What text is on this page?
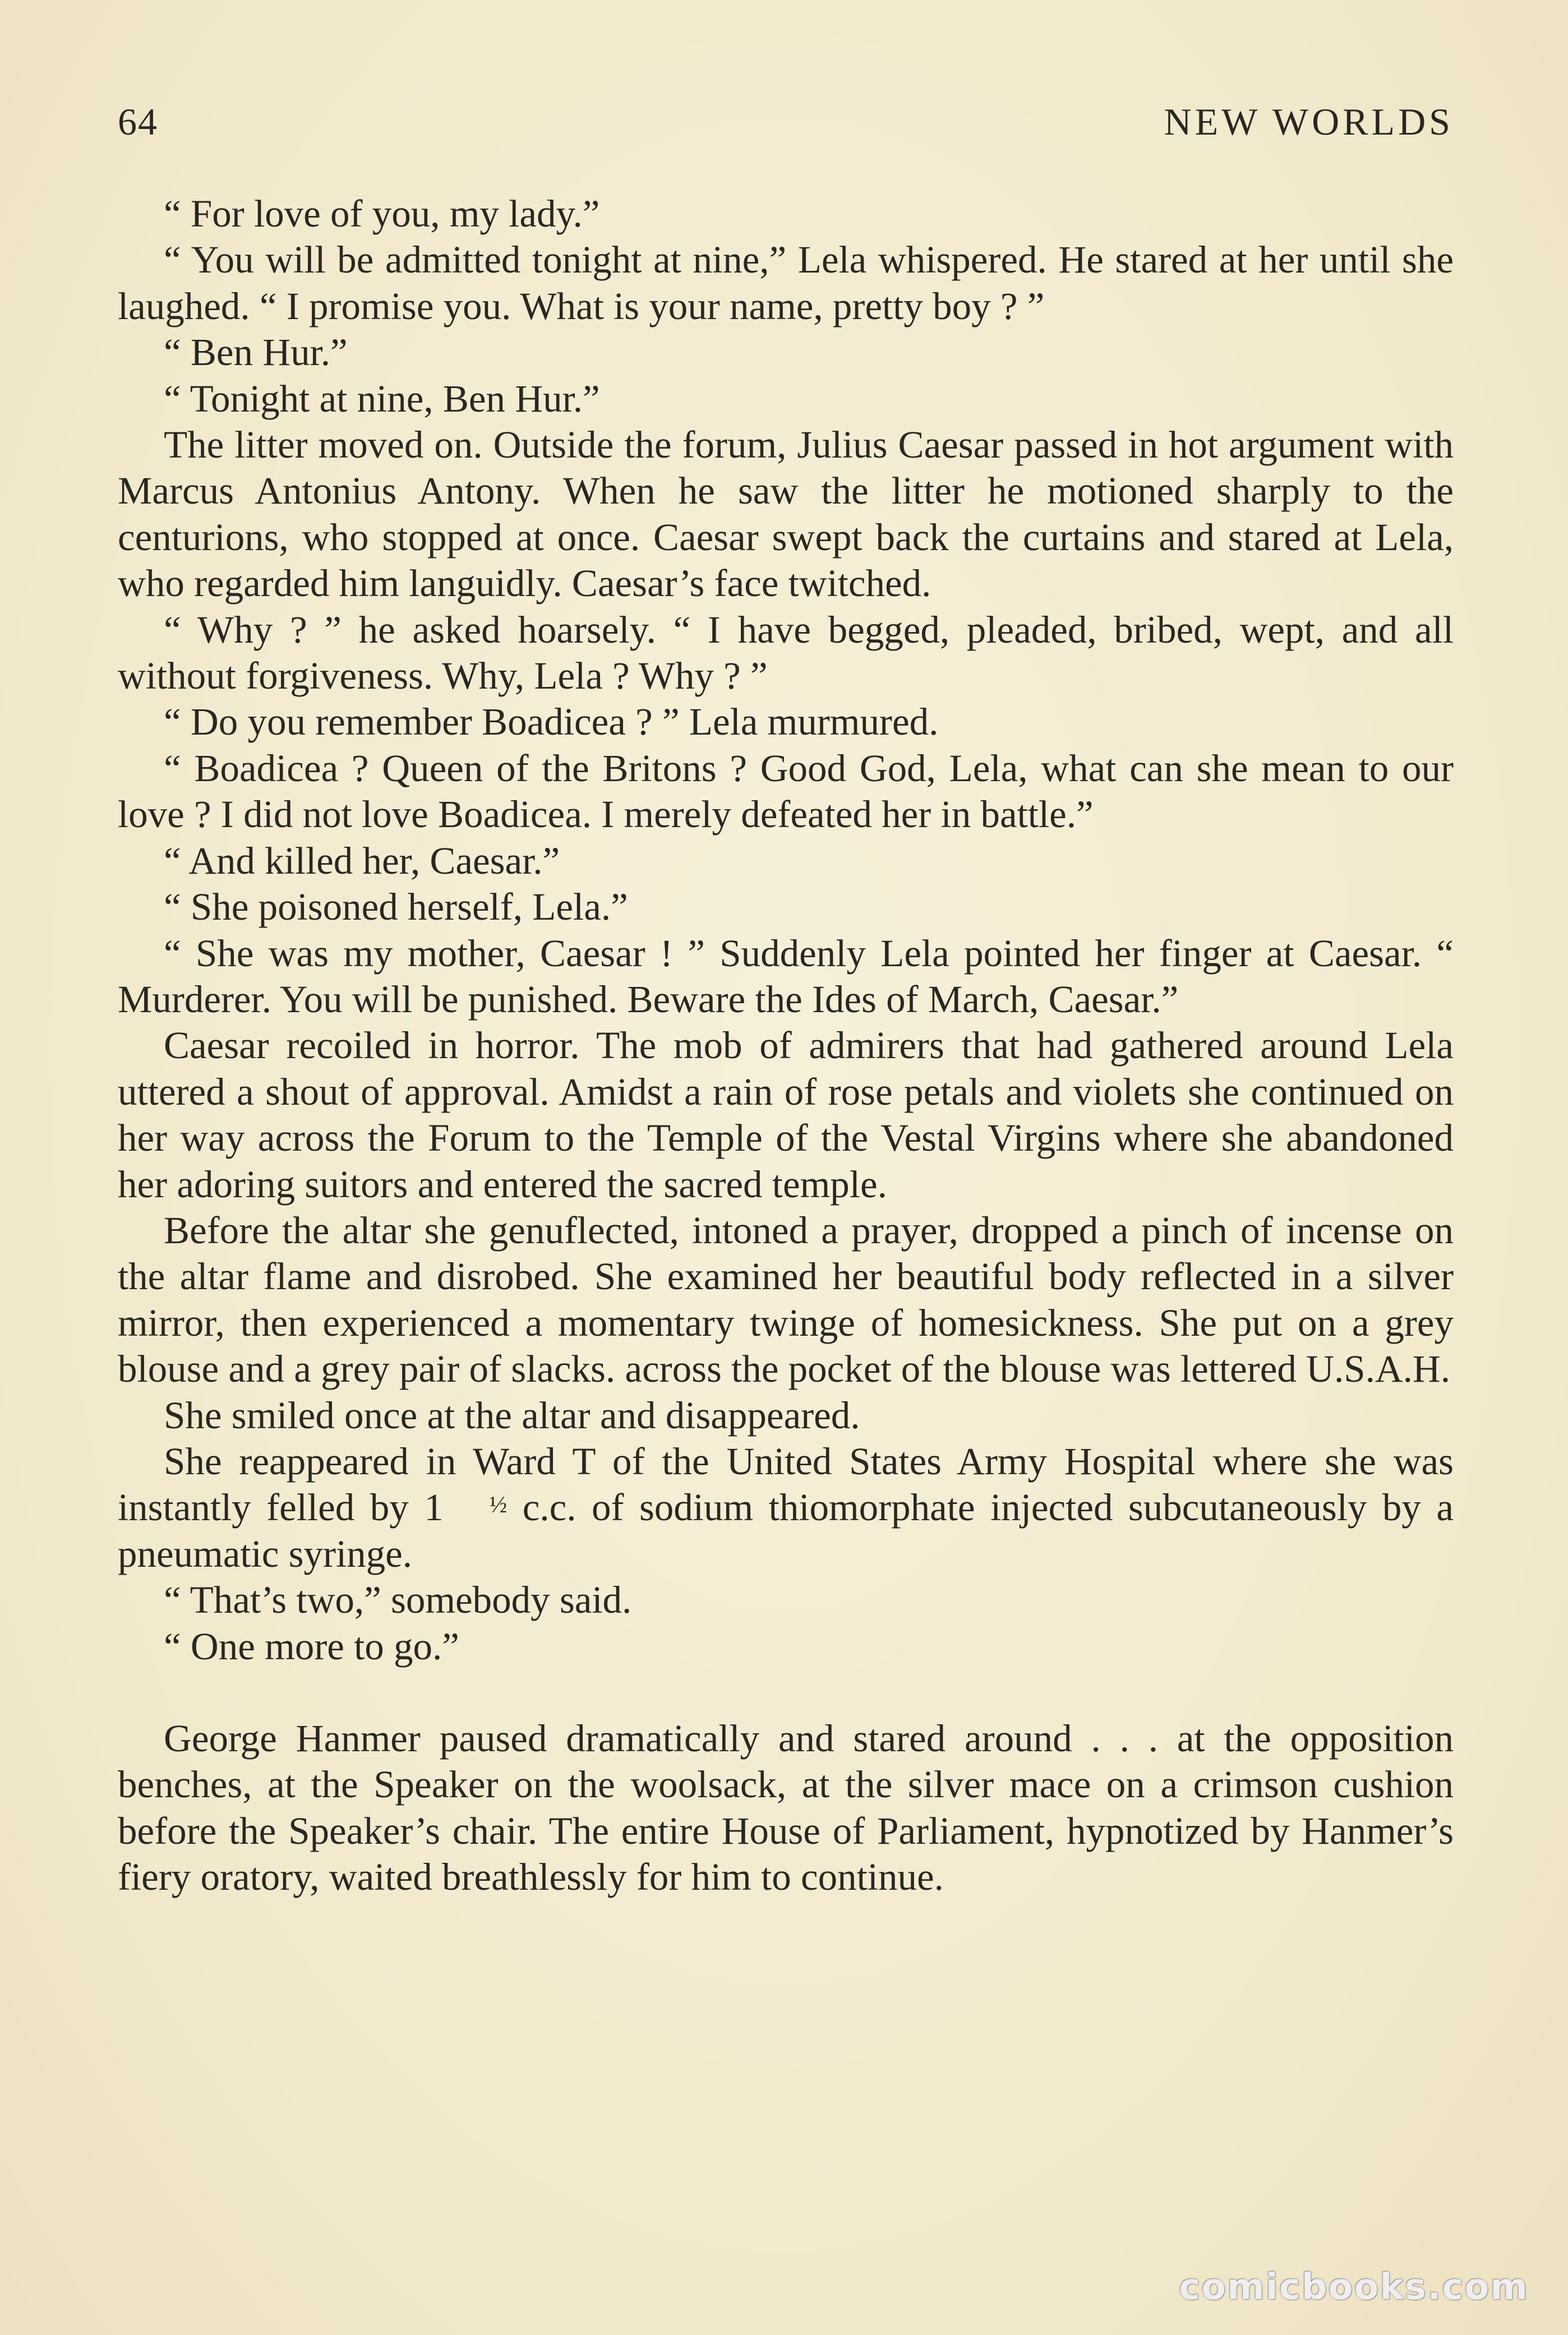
64	NEW WORLDS

“ For love of you, my lady.”

“ You will be admitted tonight at nine,” Lela whispered. He stared at her until she laughed. “ I promise you. What is your name, pretty boy ? ”

“ Ben Hur.”

“ Tonight at nine, Ben Hur.”

The litter moved on. Outside the forum, Julius Caesar passed in hot argument with Marcus Antonius Antony. When he saw the litter he motioned sharply to the centurions, who stopped at once. Caesar swept back the curtains and stared at Lela, who regarded him languidly. Caesar’s face twitched.

“ Why ? ” he asked hoarsely. “ I have begged, pleaded, bribed, wept, and all without forgiveness. Why, Lela ? Why ? ”

“ Do you remember Boadicea ? ” Lela murmured.

“ Boadicea ? Queen of the Britons ? Good God, Lela, what can she mean to our love ? I did not love Boadicea. I merely defeated her in battle.”

“ And killed her, Caesar.”

“ She poisoned herself, Lela.”

“ She was my mother, Caesar ! ” Suddenly Lela pointed her finger at Caesar. “ Murderer. You will be punished. Beware the Ides of March, Caesar.”

Caesar recoiled in horror. The mob of admirers that had gathered around Lela uttered a shout of approval. Amidst a rain of rose petals and violets she continued on her way across the Forum to the Temple of the Vestal Virgins where she abandoned her adoring suitors and entered the sacred temple.

Before the altar she genuflected, intoned a prayer, dropped a pinch of incense on the altar flame and disrobed. She examined her beautiful body reflected in a silver mirror, then experienced a momentary twinge of homesickness. She put on a grey blouse and a grey pair of slacks. across the pocket of the blouse was lettered U.S.A.H.

She smiled once at the altar and disappeared.

She reappeared in Ward T of the United States Army Hospital where she was instantly felled by 1 ½ c.c. of sodium thiomorphate injected subcutaneously by a pneumatic syringe.

“ That’s two,” somebody said.

“ One more to go.”

George Hanmer paused dramatically and stared around . . . at the opposition benches, at the Speaker on the woolsack, at the silver mace on a crimson cushion before the Speaker’s chair. The entire House of Parliament, hypnotized by Hanmer’s fiery oratory, waited breathlessly for him to continue.

comicbooks.com
